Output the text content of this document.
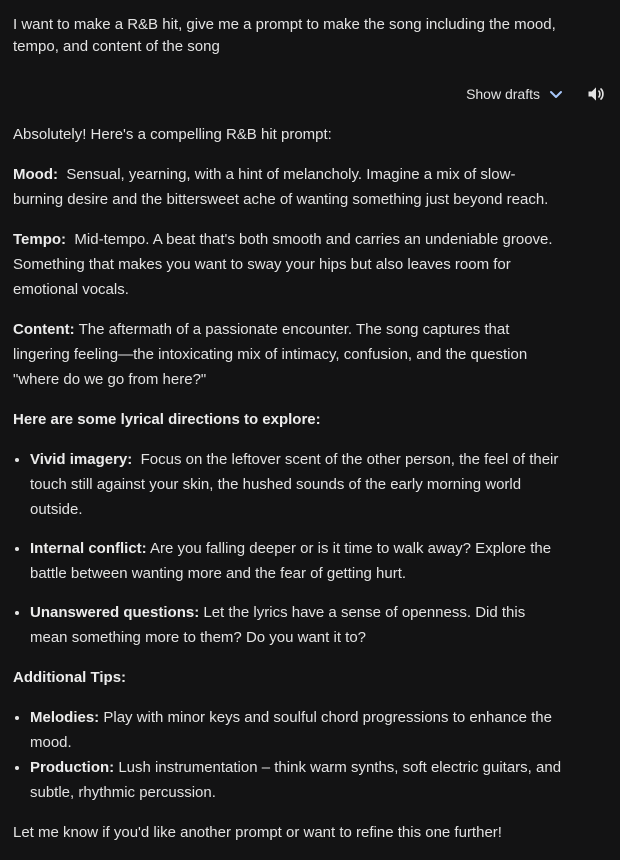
I want to make a R&B hit, give me a prompt to make the song including the mood, tempo, and content of the song
Show drafts

Absolutely! Here's a compelling R&B hit prompt:

Mood: Sensual, yearning, with a hint of melancholy. Imagine a mix of slow-burning desire and the bittersweet ache of wanting something just beyond reach.

Tempo: Mid-tempo. A beat that's both smooth and carries an undeniable groove. Something that makes you want to sway your hips but also leaves room for emotional vocals.

Content: The aftermath of a passionate encounter. The song captures that lingering feeling—the intoxicating mix of intimacy, confusion, and the question "where do we go from here?"

Here are some lyrical directions to explore:

• Vivid imagery: Focus on the leftover scent of the other person, the feel of their touch still against your skin, the hushed sounds of the early morning world outside.
• Internal conflict: Are you falling deeper or is it time to walk away? Explore the battle between wanting more and the fear of getting hurt.
• Unanswered questions: Let the lyrics have a sense of openness. Did this mean something more to them? Do you want it to?

Additional Tips:

• Melodies: Play with minor keys and soulful chord progressions to enhance the mood.
• Production: Lush instrumentation – think warm synths, soft electric guitars, and subtle, rhythmic percussion.

Let me know if you'd like another prompt or want to refine this one further!
